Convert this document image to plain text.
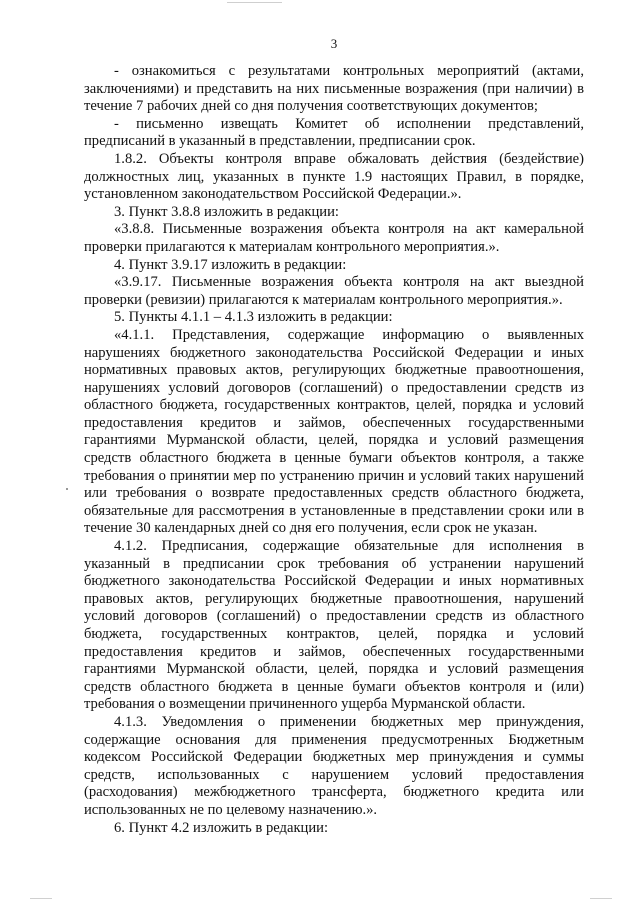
3

- ознакомиться с результатами контрольных мероприятий (актами, заключениями) и представить на них письменные возражения (при наличии) в течение 7 рабочих дней со дня получения соответствующих документов;

- письменно извещать Комитет об исполнении представлений, предписаний в указанный в представлении, предписании срок.

1.8.2. Объекты контроля вправе обжаловать действия (бездействие) должностных лиц, указанных в пункте 1.9 настоящих Правил, в порядке, установленном законодательством Российской Федерации.».

3. Пункт 3.8.8 изложить в редакции:

«3.8.8. Письменные возражения объекта контроля на акт камеральной проверки прилагаются к материалам контрольного мероприятия.».

4. Пункт 3.9.17 изложить в редакции:

«3.9.17. Письменные возражения объекта контроля на акт выездной проверки (ревизии) прилагаются к материалам контрольного мероприятия.».

5. Пункты 4.1.1 – 4.1.3 изложить в редакции:

«4.1.1. Представления, содержащие информацию о выявленных нарушениях бюджетного законодательства Российской Федерации и иных нормативных правовых актов, регулирующих бюджетные правоотношения, нарушениях условий договоров (соглашений) о предоставлении средств из областного бюджета, государственных контрактов, целей, порядка и условий предоставления кредитов и займов, обеспеченных государственными гарантиями Мурманской области, целей, порядка и условий размещения средств областного бюджета в ценные бумаги объектов контроля, а также требования о принятии мер по устранению причин и условий таких нарушений или требования о возврате предоставленных средств областного бюджета, обязательные для рассмотрения в установленные в представлении сроки или в течение 30 календарных дней со дня его получения, если срок не указан.

4.1.2. Предписания, содержащие обязательные для исполнения в указанный в предписании срок требования об устранении нарушений бюджетного законодательства Российской Федерации и иных нормативных правовых актов, регулирующих бюджетные правоотношения, нарушений условий договоров (соглашений) о предоставлении средств из областного бюджета, государственных контрактов, целей, порядка и условий предоставления кредитов и займов, обеспеченных государственными гарантиями Мурманской области, целей, порядка и условий размещения средств областного бюджета в ценные бумаги объектов контроля и (или) требования о возмещении причиненного ущерба Мурманской области.

4.1.3. Уведомления о применении бюджетных мер принуждения, содержащие основания для применения предусмотренных Бюджетным кодексом Российской Федерации бюджетных мер принуждения и суммы средств, использованных с нарушением условий предоставления (расходования) межбюджетного трансферта, бюджетного кредита или использованных не по целевому назначению.».

6. Пункт 4.2 изложить в редакции:
